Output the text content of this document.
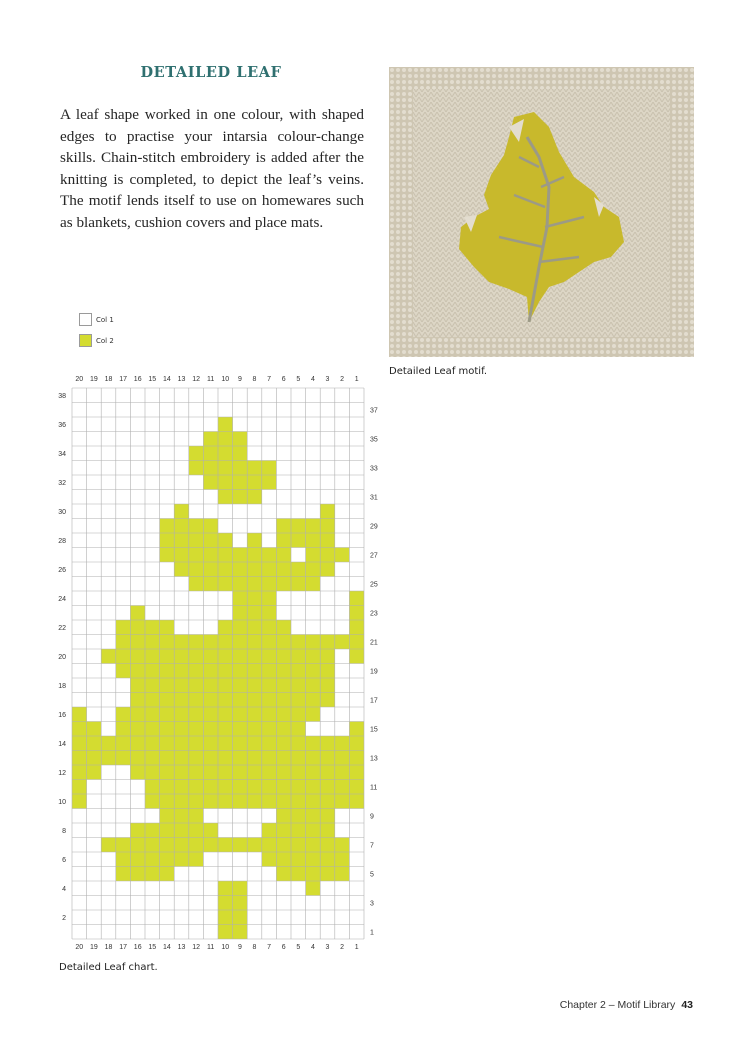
DETAILED LEAF

A leaf shape worked in one colour, with shaped edges to practise your intarsia colour-change skills. Chain-stitch embroidery is added after the knitting is completed, to depict the leaf’s veins. The motif lends itself to use on homewares such as blankets, cushion covers and place mats.

Col 1
Col 2

Detailed Leaf motif.

20
20
19
19
18
18
17
17
16
16
15
15
14
14
13
13
12
12
11
11
10
10
9
9
8
8
7
7
6
6
5
5
4
4
3
3
2
2
1
1
38
36
34
32
30
28
26
24
22
20
18
16
14
12
10
8
6
4
2
37
35
33
31
29
27
25
23
21
19
17
15
13
11
9
7
5
3
1

Detailed Leaf chart.

Chapter 2 – Motif Library 43
